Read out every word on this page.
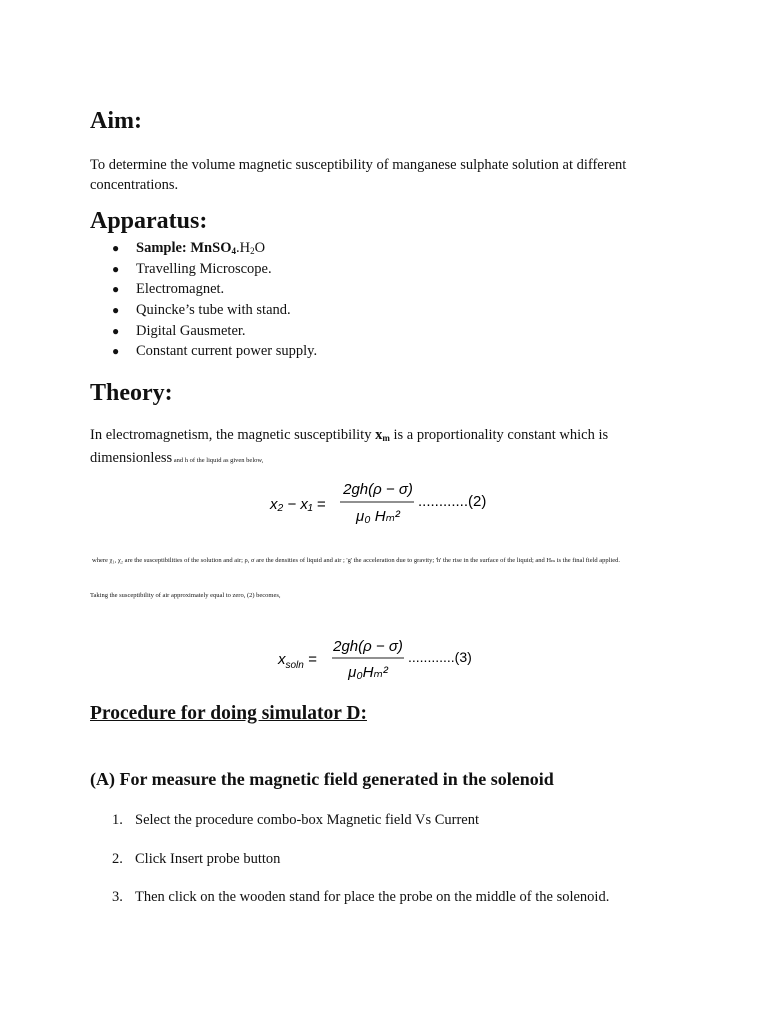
Aim:

To determine the volume magnetic susceptibility of manganese sulphate solution at different concentrations.

Apparatus:
● Sample: $MnSO_4.H_2O$
● Travelling Microscope.
● Electromagnet.
● Quincke’s tube with stand.
● Digital Gausmeter.
● Constant current power supply.
Theory:

In electromagnetism, the magnetic susceptibility $x_m$ is a proportionality constant which is dimensionless and h of the liquid as given below,

x₂ − x₁ =
2gh(ρ − σ)
μ₀ Hₘ²
............(2)

where χ₁, χ₂ are the susceptibilities of the solution and air; ρ, σ are the densities of liquid and air ; 'g' the acceleration due to gravity; 'h' the rise in the surface of the liquid; and Hₘ is the final field applied.

Taking the susceptibility of air approximately equal to zero, (2) becomes,

$x_{soln}$ =
2gh(ρ − σ)
μ₀Hₘ²
............(3)
Procedure for doing simulator D:
(A) For measure the magnetic field generated in the solenoid

1. Select the procedure combo-box Magnetic field Vs Current

2. Click Insert probe button

3. Then click on the wooden stand for place the probe on the middle of the solenoid.
